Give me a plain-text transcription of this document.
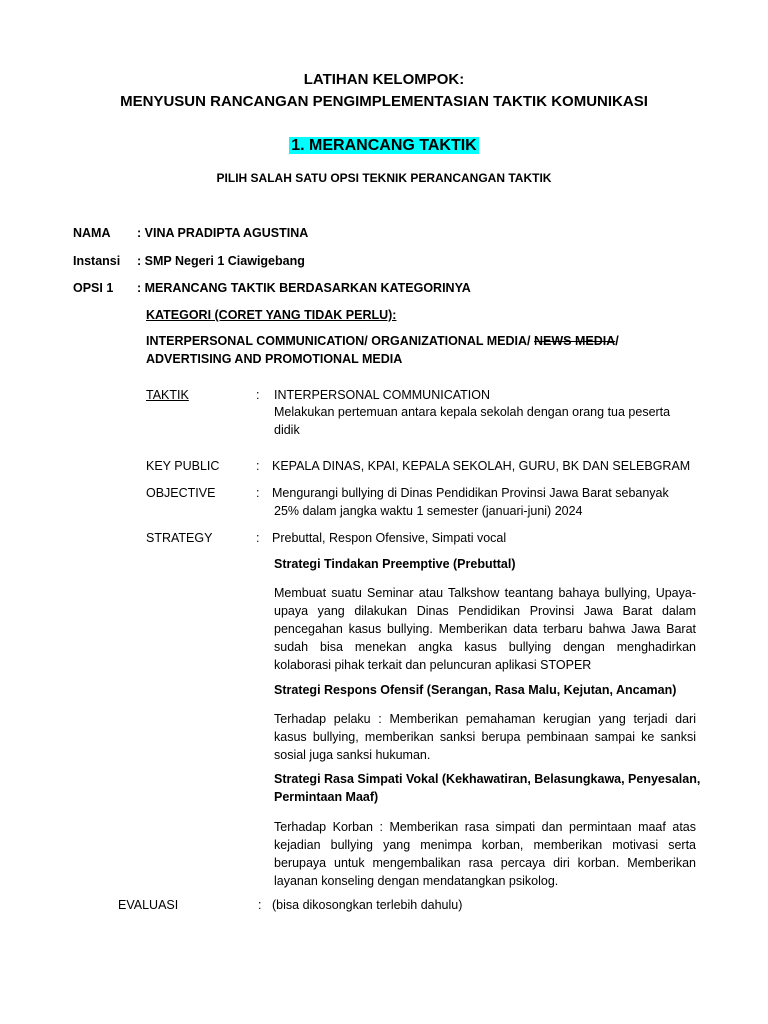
LATIHAN KELOMPOK:
MENYUSUN RANCANGAN PENGIMPLEMENTASIAN TAKTIK KOMUNIKASI
1. MERANCANG TAKTIK
PILIH SALAH SATU OPSI TEKNIK PERANCANGAN TAKTIK
NAMA : VINA PRADIPTA AGUSTINA
Instansi : SMP Negeri 1 Ciawigebang
OPSI 1 : MERANCANG TAKTIK BERDASARKAN KATEGORINYA
KATEGORI (CORET YANG TIDAK PERLU):
INTERPERSONAL COMMUNICATION/ ORGANIZATIONAL MEDIA/ NEWS MEDIA/
ADVERTISING AND PROMOTIONAL MEDIA
TAKTIK	: INTERPERSONAL COMMUNICATION
Melakukan pertemuan antara kepala sekolah dengan orang tua peserta
didik
KEY PUBLIC	: KEPALA DINAS, KPAI, KEPALA SEKOLAH, GURU, BK DAN SELEBGRAM
OBJECTIVE	: Mengurangi bullying di Dinas Pendidikan Provinsi Jawa Barat sebanyak
25% dalam jangka waktu 1 semester (januari-juni) 2024
STRATEGY	: Prebuttal, Respon Ofensive, Simpati vocal
Strategi Tindakan Preemptive (Prebuttal)
Membuat suatu Seminar atau Talkshow teantang bahaya bullying, Upaya-upaya yang dilakukan Dinas Pendidikan Provinsi Jawa Barat dalam pencegahan kasus bullying. Memberikan data terbaru bahwa Jawa Barat sudah bisa menekan angka kasus bullying dengan menghadirkan kolaborasi pihak terkait dan peluncuran aplikasi STOPER
Strategi Respons Ofensif (Serangan, Rasa Malu, Kejutan, Ancaman)
Terhadap pelaku : Memberikan pemahaman kerugian yang terjadi dari kasus bullying, memberikan sanksi berupa pembinaan sampai ke sanksi sosial juga sanksi hukuman.
Strategi Rasa Simpati Vokal (Kekhawatiran, Belasungkawa, Penyesalan,
Permintaan Maaf)
Terhadap Korban : Memberikan rasa simpati dan permintaan maaf atas kejadian bullying yang menimpa korban, memberikan motivasi serta berupaya untuk mengembalikan rasa percaya diri korban. Memberikan layanan konseling dengan mendatangkan psikolog.
EVALUASI	: (bisa dikosongkan terlebih dahulu)
